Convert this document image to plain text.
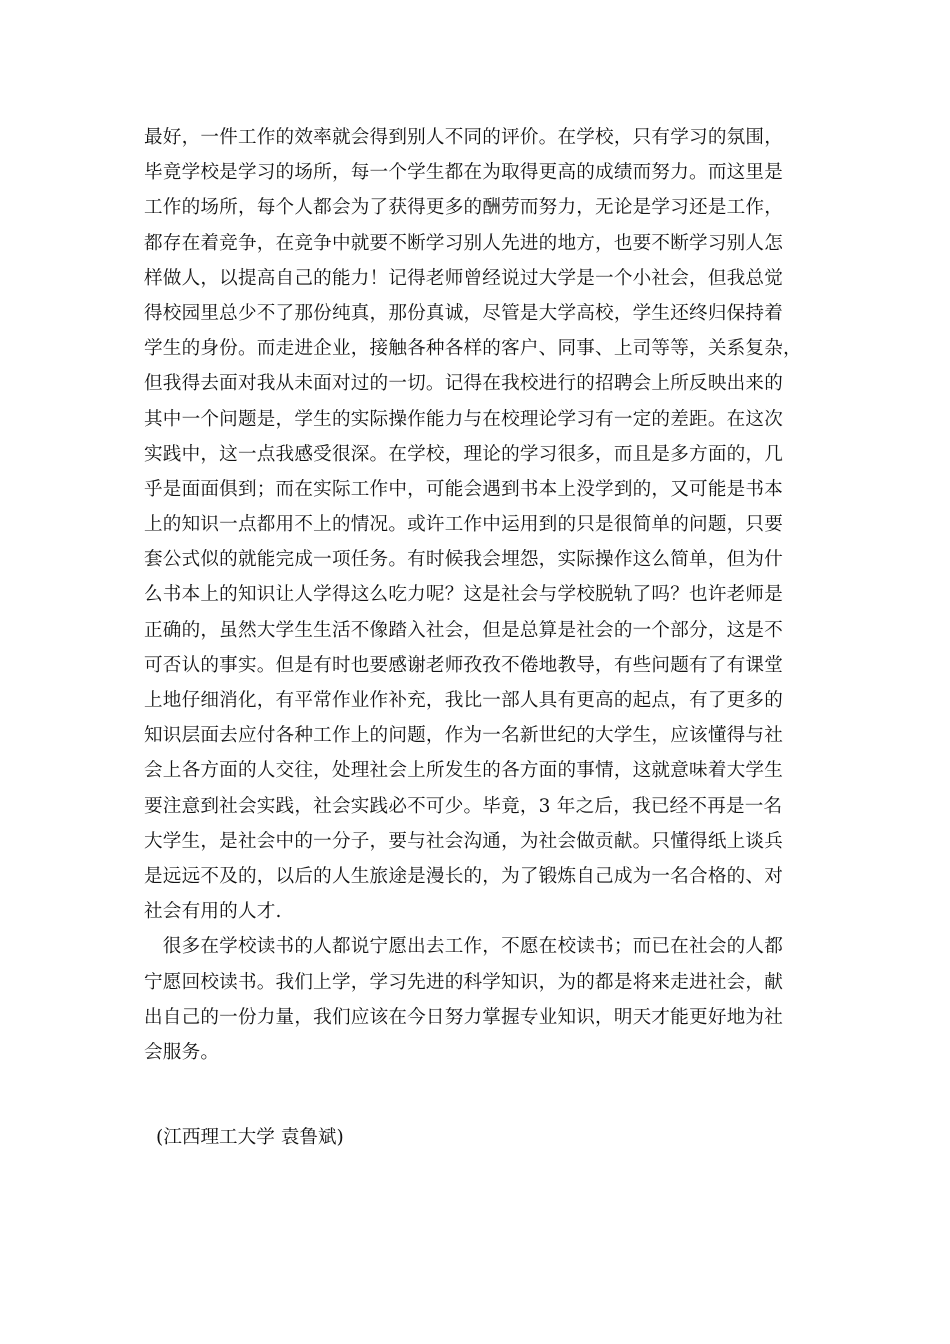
最好，一件工作的效率就会得到别人不同的评价。在学校，只有学习的氛围，
毕竟学校是学习的场所，每一个学生都在为取得更高的成绩而努力。而这里是
工作的场所，每个人都会为了获得更多的酬劳而努力，无论是学习还是工作，
都存在着竞争，在竞争中就要不断学习别人先进的地方，也要不断学习别人怎
样做人，以提高自己的能力！记得老师曾经说过大学是一个小社会，但我总觉
得校园里总少不了那份纯真，那份真诚，尽管是大学高校，学生还终归保持着
学生的身份。而走进企业，接触各种各样的客户、同事、上司等等，关系复杂，
但我得去面对我从未面对过的一切。记得在我校进行的招聘会上所反映出来的
其中一个问题是，学生的实际操作能力与在校理论学习有一定的差距。在这次
实践中，这一点我感受很深。在学校，理论的学习很多，而且是多方面的，几
乎是面面俱到；而在实际工作中，可能会遇到书本上没学到的，又可能是书本
上的知识一点都用不上的情况。或许工作中运用到的只是很简单的问题，只要
套公式似的就能完成一项任务。有时候我会埋怨，实际操作这么简单，但为什
么书本上的知识让人学得这么吃力呢？这是社会与学校脱轨了吗？也许老师是
正确的，虽然大学生生活不像踏入社会，但是总算是社会的一个部分，这是不
可否认的事实。但是有时也要感谢老师孜孜不倦地教导，有些问题有了有课堂
上地仔细消化，有平常作业作补充，我比一部人具有更高的起点，有了更多的
知识层面去应付各种工作上的问题，作为一名新世纪的大学生，应该懂得与社
会上各方面的人交往，处理社会上所发生的各方面的事情，这就意味着大学生
要注意到社会实践，社会实践必不可少。毕竟，3 年之后，我已经不再是一名
大学生，是社会中的一分子，要与社会沟通，为社会做贡献。只懂得纸上谈兵
是远远不及的，以后的人生旅途是漫长的，为了锻炼自己成为一名合格的、对
社会有用的人才.
　很多在学校读书的人都说宁愿出去工作，不愿在校读书；而已在社会的人都
宁愿回校读书。我们上学，学习先进的科学知识，为的都是将来走进社会，献
出自己的一份力量，我们应该在今日努力掌握专业知识，明天才能更好地为社
会服务。
(江西理工大学 袁鲁斌)
